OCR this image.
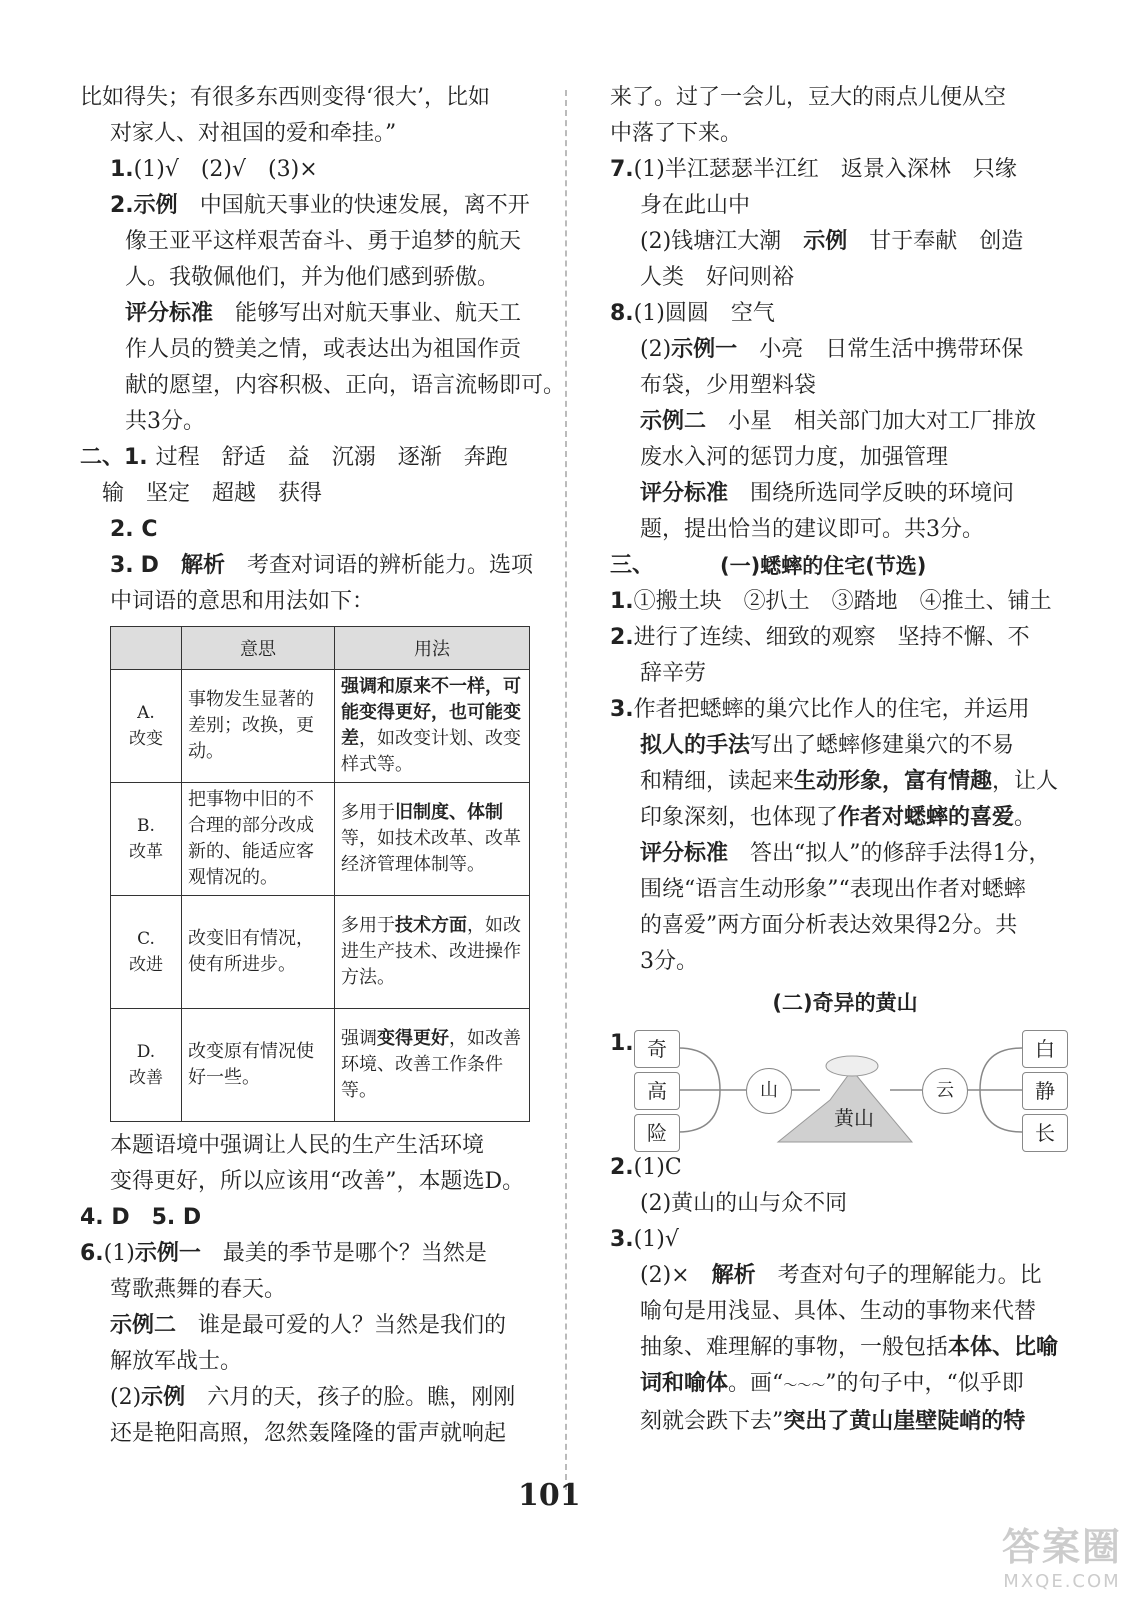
比如得失；有很多东西则变得‘很大’，比如
对家人、对祖国的爱和牵挂。”
1.(1)√　(2)√　(3)×
2.示例　 中国航天事业的快速发展，离不开
像王亚平这样艰苦奋斗、勇于追梦的航天
人。我敬佩他们，并为他们感到骄傲。
评分标准　 能够写出对航天事业、航天工
作人员的赞美之情，或表达出为祖国作贡
献的愿望，内容积极、正向，语言流畅即可。
共3分。
二、1. 过程 舒适 益 沉溺 逐渐 奔跑
输 坚定 超越 获得
2. C
3. D　 解析　 考查对词语的辨析能力。选项
中词语的意思和用法如下：
	意思	用法
A.
改变	事物发生显著的差别；改换，更动。	强调和原来不一样，可能变得更好，也可能变差，如改变计划、改变样式等。
B.
改革	把事物中旧的不合理的部分改成新的、能适应客观情况的。	多用于旧制度、体制等，如技术改革、改革经济管理体制等。
C.
改进	改变旧有情况，使有所进步。	多用于技术方面，如改进生产技术、改进操作方法。
D.
改善	改变原有情况使好一些。	强调变得更好，如改善环境、改善工作条件等。
本题语境中强调让人民的生产生活环境
变得更好，所以应该用“改善”，本题选D。
4. D　5. D
6.(1)示例一　 最美的季节是哪个？当然是
莺歌燕舞的春天。
示例二　 谁是最可爱的人？当然是我们的
解放军战士。
(2)示例　 六月的天，孩子的脸。瞧，刚刚
还是艳阳高照，忽然轰隆隆的雷声就响起
来了。过了一会儿，豆大的雨点儿便从空
中落了下来。
7.(1)半江瑟瑟半江红　返景入深林　只缘
身在此山中
(2)钱塘江大潮　 示例　 甘于奉献　创造
人类　好问则裕
8.(1)圆圆　空气
(2)示例一　 小亮　日常生活中携带环保
布袋，少用塑料袋
示例二　 小星　相关部门加大对工厂排放
废水入河的惩罚力度，加强管理
评分标准　 围绕所选同学反映的环境问
题，提出恰当的建议即可。共3分。
三、	(一)蟋蟀的住宅(节选)
1.①搬土块　②扒土　③踏地　④推土、铺土
2.进行了连续、细致的观察　坚持不懈、不
辞辛劳
3.作者把蟋蟀的巢穴比作人的住宅，并运用
拟人的手法写出了蟋蟀修建巢穴的不易
和精细，读起来生动形象，富有情趣，让人
印象深刻，也体现了作者对蟋蟀的喜爱。
评分标准　 答出“拟人”的修辞手法得1分，
围绕“语言生动形象”“表现出作者对蟋蟀
的喜爱”两方面分析表达效果得2分。共
3分。
(二)奇异的黄山
1. 奇
高
险
山
黄山
云
白
静
长
2.(1)C
(2)黄山的山与众不同
3.(1)√
(2)×　 解析　 考查对句子的理解能力。比
喻句是用浅显、具体、生动的事物来代替
抽象、难理解的事物，一般包括本体、比喻
词和喻体。画“～～～”的句子中，“似乎即
刻就会跌下去”突出了黄山崖壁陡峭的特
101
答案圈
MXQE.COM
